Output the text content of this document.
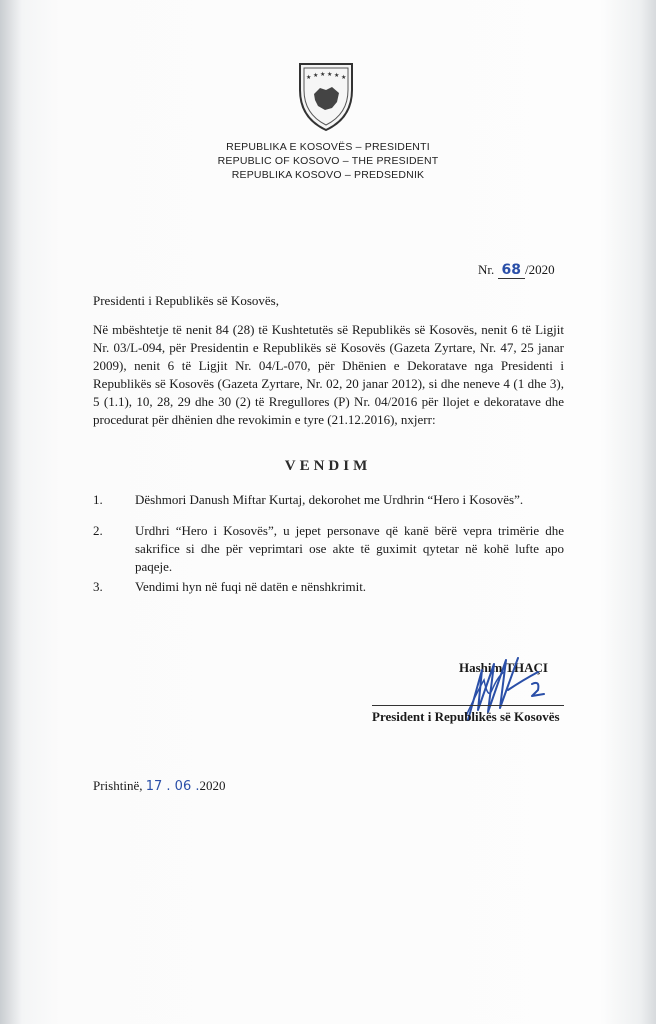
★ ★ ★ ★ ★ ★
REPUBLIKA E KOSOVËS – PRESIDENTI
REPUBLIC OF KOSOVO – THE PRESIDENT
REPUBLIKA KOSOVO – PREDSEDNIK
Nr. 68 /2020
Presidenti i Republikës së Kosovës,
Në mbështetje të nenit 84 (28) të Kushtetutës së Republikës së Kosovës, nenit 6 të Ligjit Nr. 03/L-094, për Presidentin e Republikës së Kosovës (Gazeta Zyrtare, Nr. 47, 25 janar 2009), nenit 6 të Ligjit Nr. 04/L-070, për Dhënien e Dekoratave nga Presidenti i Republikës së Kosovës (Gazeta Zyrtare, Nr. 02, 20 janar 2012), si dhe neneve 4 (1 dhe 3), 5 (1.1), 10, 28, 29 dhe 30 (2) të Rregullores (P) Nr. 04/2016 për llojet e dekoratave dhe procedurat për dhënien dhe revokimin e tyre (21.12.2016), nxjerr:
VENDIM
1. Dëshmori Danush Miftar Kurtaj, dekorohet me Urdhrin “Hero i Kosovës”.
2. Urdhri “Hero i Kosovës”, u jepet personave që kanë bërë vepra trimërie dhe sakrifice si dhe për veprimtari ose akte të guximit qytetar në kohë lufte apo paqeje.
3. Vendimi hyn në fuqi në datën e nënshkrimit.
Hashim THAÇI
President i Republikës së Kosovës
Prishtinë, 17 . 06 .2020
